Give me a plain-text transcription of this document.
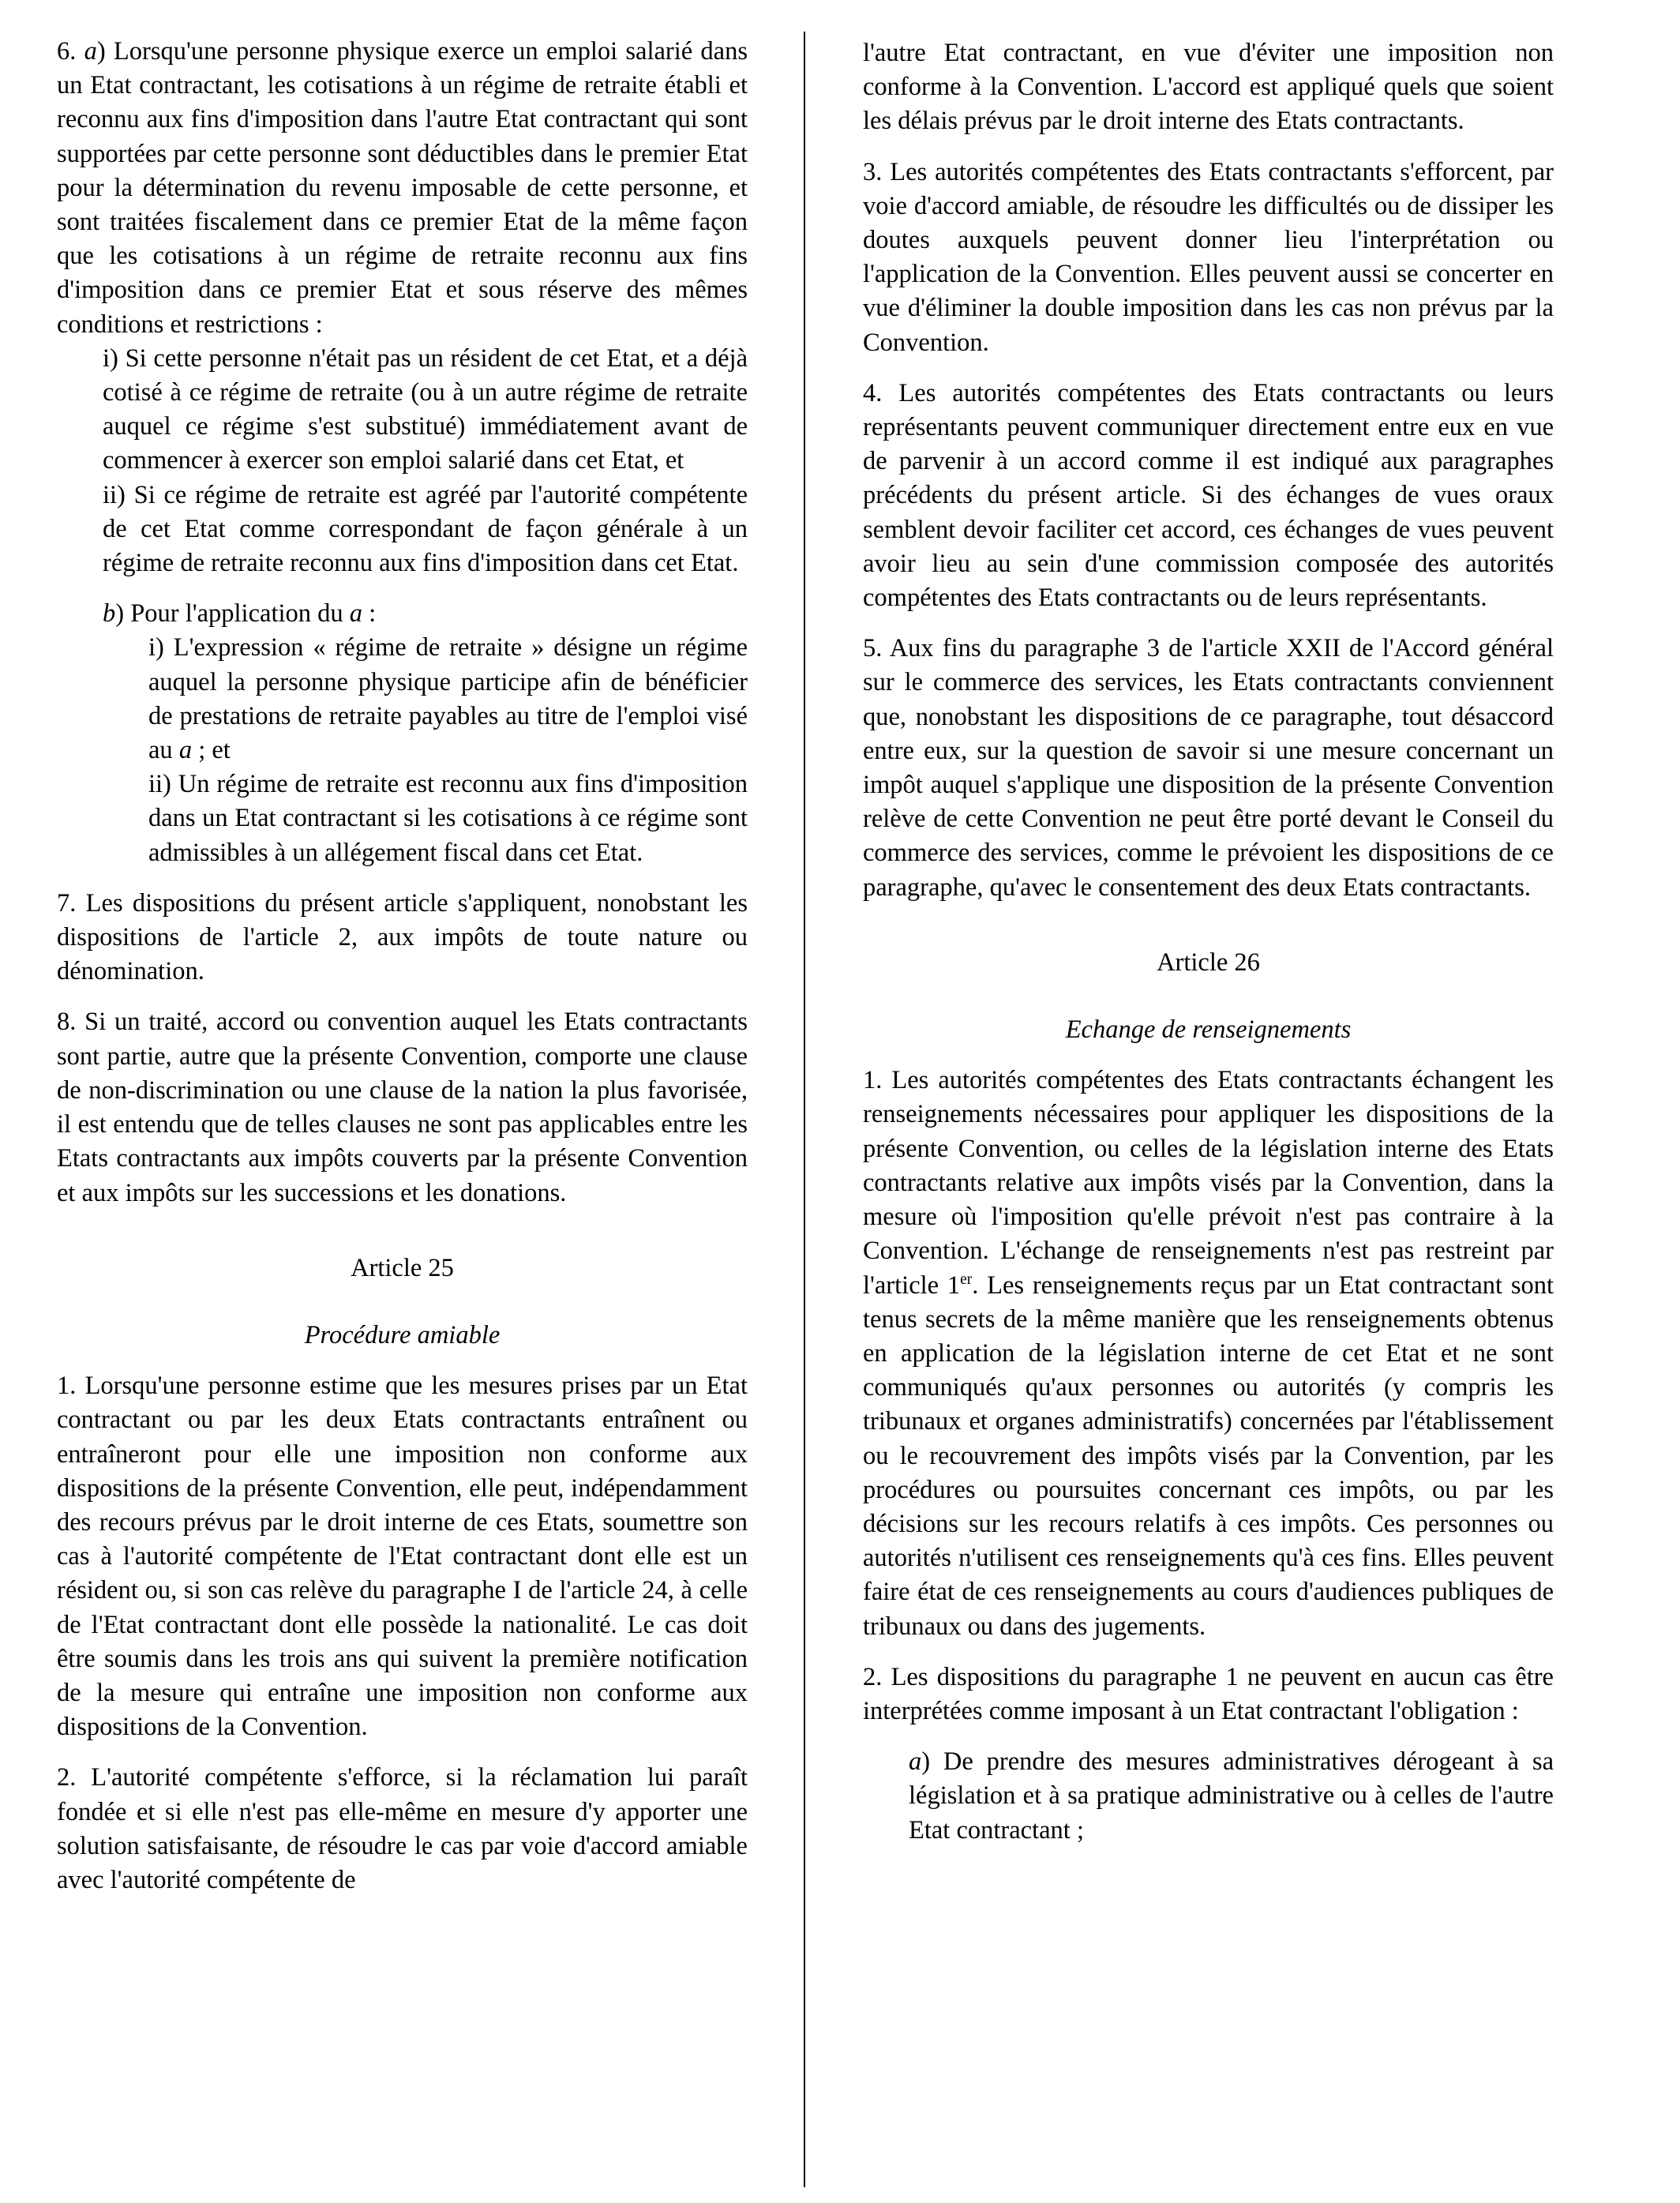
6. a) Lorsqu'une personne physique exerce un emploi salarié dans un Etat contractant, les cotisations à un régime de retraite établi et reconnu aux fins d'imposition dans l'autre Etat contractant qui sont supportées par cette personne sont déductibles dans le premier Etat pour la détermination du revenu imposable de cette personne, et sont traitées fiscalement dans ce premier Etat de la même façon que les cotisations à un régime de retraite reconnu aux fins d'imposition dans ce premier Etat et sous réserve des mêmes conditions et restrictions :
i) Si cette personne n'était pas un résident de cet Etat, et a déjà cotisé à ce régime de retraite (ou à un autre régime de retraite auquel ce régime s'est substitué) immédiatement avant de commencer à exercer son emploi salarié dans cet Etat, et

ii) Si ce régime de retraite est agréé par l'autorité compétente de cet Etat comme correspondant de façon générale à un régime de retraite reconnu aux fins d'imposition dans cet Etat.

b) Pour l'application du a :
i) L'expression « régime de retraite » désigne un régime auquel la personne physique participe afin de bénéficier de prestations de retraite payables au titre de l'emploi visé au a ; et

ii) Un régime de retraite est reconnu aux fins d'imposition dans un Etat contractant si les cotisations à ce régime sont admissibles à un allégement fiscal dans cet Etat.

7. Les dispositions du présent article s'appliquent, nonobstant les dispositions de l'article 2, aux impôts de toute nature ou dénomination.

8. Si un traité, accord ou convention auquel les Etats contractants sont partie, autre que la présente Convention, comporte une clause de non-discrimination ou une clause de la nation la plus favorisée, il est entendu que de telles clauses ne sont pas applicables entre les Etats contractants aux impôts couverts par la présente Convention et aux impôts sur les successions et les donations.

Article 25
Procédure amiable

1. Lorsqu'une personne estime que les mesures prises par un Etat contractant ou par les deux Etats contractants entraînent ou entraîneront pour elle une imposition non conforme aux dispositions de la présente Convention, elle peut, indépendamment des recours prévus par le droit interne de ces Etats, soumettre son cas à l'autorité compétente de l'Etat contractant dont elle est un résident ou, si son cas relève du paragraphe I de l'article 24, à celle de l'Etat contractant dont elle possède la nationalité. Le cas doit être soumis dans les trois ans qui suivent la première notification de la mesure qui entraîne une imposition non conforme aux dispositions de la Convention.

2. L'autorité compétente s'efforce, si la réclamation lui paraît fondée et si elle n'est pas elle-même en mesure d'y apporter une solution satisfaisante, de résoudre le cas par voie d'accord amiable avec l'autorité compétente de

l'autre Etat contractant, en vue d'éviter une imposition non conforme à la Convention. L'accord est appliqué quels que soient les délais prévus par le droit interne des Etats contractants.

3. Les autorités compétentes des Etats contractants s'efforcent, par voie d'accord amiable, de résoudre les difficultés ou de dissiper les doutes auxquels peuvent donner lieu l'interprétation ou l'application de la Convention. Elles peuvent aussi se concerter en vue d'éliminer la double imposition dans les cas non prévus par la Convention.

4. Les autorités compétentes des Etats contractants ou leurs représentants peuvent communiquer directement entre eux en vue de parvenir à un accord comme il est indiqué aux paragraphes précédents du présent article. Si des échanges de vues oraux semblent devoir faciliter cet accord, ces échanges de vues peuvent avoir lieu au sein d'une commission composée des autorités compétentes des Etats contractants ou de leurs représentants.

5. Aux fins du paragraphe 3 de l'article XXII de l'Accord général sur le commerce des services, les Etats contractants conviennent que, nonobstant les dispositions de ce paragraphe, tout désaccord entre eux, sur la question de savoir si une mesure concernant un impôt auquel s'applique une disposition de la présente Convention relève de cette Convention ne peut être porté devant le Conseil du commerce des services, comme le prévoient les dispositions de ce paragraphe, qu'avec le consentement des deux Etats contractants.

Article 26
Echange de renseignements

1. Les autorités compétentes des Etats contractants échangent les renseignements nécessaires pour appliquer les dispositions de la présente Convention, ou celles de la législation interne des Etats contractants relative aux impôts visés par la Convention, dans la mesure où l'imposition qu'elle prévoit n'est pas contraire à la Convention. L'échange de renseignements n'est pas restreint par l'article 1er. Les renseignements reçus par un Etat contractant sont tenus secrets de la même manière que les renseignements obtenus en application de la législation interne de cet Etat et ne sont communiqués qu'aux personnes ou autorités (y compris les tribunaux et organes administratifs) concernées par l'établissement ou le recouvrement des impôts visés par la Convention, par les procédures ou poursuites concernant ces impôts, ou par les décisions sur les recours relatifs à ces impôts. Ces personnes ou autorités n'utilisent ces renseignements qu'à ces fins. Elles peuvent faire état de ces renseignements au cours d'audiences publiques de tribunaux ou dans des jugements.

2. Les dispositions du paragraphe 1 ne peuvent en aucun cas être interprétées comme imposant à un Etat contractant l'obligation :

a) De prendre des mesures administratives dérogeant à sa législation et à sa pratique administrative ou à celles de l'autre Etat contractant ;
